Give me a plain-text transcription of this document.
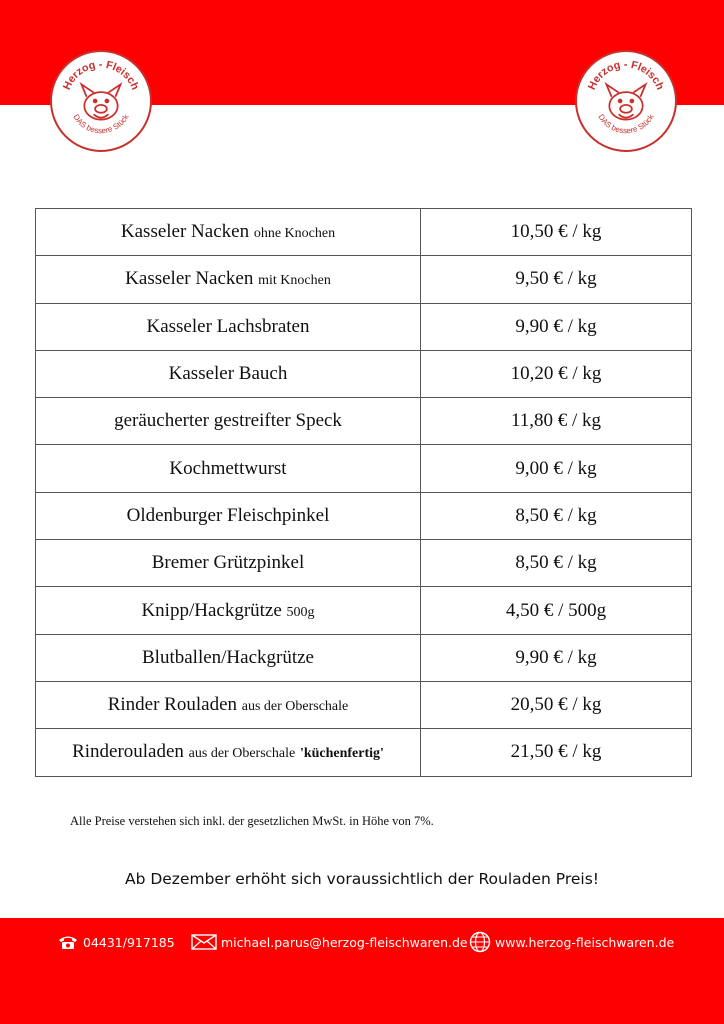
Herzog - Fleisch
DAS bessere Stück
Herzog - Fleisch
DAS bessere Stück
Kasseler Nacken ohne Knochen	10,50 € / kg
Kasseler Nacken mit Knochen	9,50 € / kg
Kasseler Lachsbraten	9,90 € / kg
Kasseler Bauch	10,20 € / kg
geräucherter gestreifter Speck	11,80 € / kg
Kochmettwurst	9,00 € / kg
Oldenburger Fleischpinkel	8,50 € / kg
Bremer Grützpinkel	8,50 € / kg
Knipp/Hackgrütze 500g	4,50 € / 500g
Blutballen/Hackgrütze	9,90 € / kg
Rinder Rouladen aus der Oberschale	20,50 € / kg
Rinderouladen aus der Oberschale 'küchenfertig'	21,50 € / kg
Alle Preise verstehen sich inkl. der gesetzlichen MwSt. in Höhe von 7%.
Ab Dezember erhöht sich voraussichtlich der Rouladen Preis!
04431/917185	michael.parus@herzog-fleischwaren.de www.herzog-fleischwaren.de
